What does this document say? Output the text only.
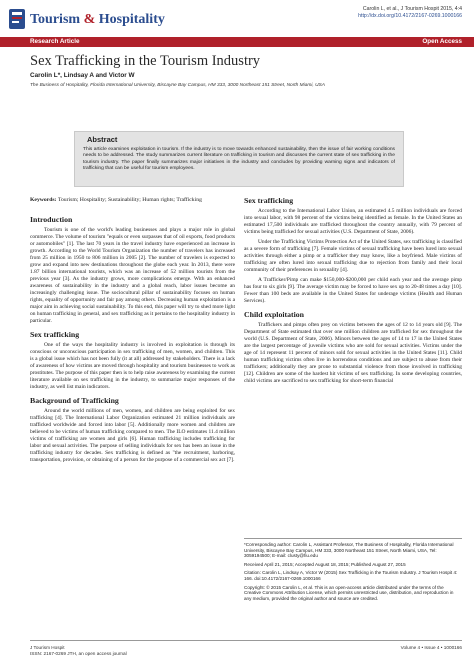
Tourism & Hospitality
Carolin L, et al., J Tourism Hospit 2015, 4:4
http://dx.doi.org/10.4172/2167-0269.1000166
Research Article	Open Access
Sex Trafficking in the Tourism Industry
Carolin L*, Lindsay A and Victor W
The Business of Hospitality, Florida International University, Biscayne Bay Campus, HM 333, 3000 Northeast 151 Street, North Miami, USA
Abstract
This article examines exploitation in tourism. If the industry is to move towards enhanced sustainability, then the issue of fair working conditions needs to be addressed. The study summarizes current literature on trafficking in tourism and discusses the current state of sex trafficking in the tourism industry. The paper finally summarizes major initiatives in the industry and concludes by providing warning signs and indicators of trafficking that can be useful for tourism employees.
Keywords: Tourism; Hospitality; Sustainability; Human rights; Trafficking
Introduction

Tourism is one of the world's leading businesses and plays a major role in global commerce. The volume of tourism "equals or even surpasses that of oil exports, food products or automobiles" [1]. The last 70 years in the travel industry have experienced an increase in growth. According to the World Tourism Organization the number of travelers has increased from 25 million in 1950 to 806 million in 2005 [2]. The number of travelers is expected to grow and expand into new destinations throughout the globe each year. In 2013, there were 1.87 billion international tourists, which was an increase of 52 million tourists from the previous year [3]. As the industry grows, more complications emerge. With an enhanced awareness of sustainability in the industry and a global reach, labor issues become an increasingly challenging issue. The sociocultural pillar of sustainability focuses on human rights, equality of opportunity and fair pay among others. Decreasing human exploitation is a major aim in achieving social sustainability. To this end, this paper will try to shed more light on human trafficking in general, and sex trafficking as it pertains to the hospitality industry in particular.

Sex trafficking

One of the ways the hospitality industry is involved in exploitation is through its conscious or unconscious participation in sex trafficking of men, women, and children. This is a global issue which has not been fully (it at all) addressed by stakeholders. There is a lack of awareness of how victims are moved through hospitality and tourism businesses to work as prostitutes. The purpose of this paper then is to help raise awareness by examining the current literature available on sex trafficking in the industry, to summarize major responses of the industry, as well list main indicators.

Background of Trafficking

Around the world millions of men, women, and children are being exploited for sex trafficking [4]. The International Labor Organization estimated 21 million individuals are trafficked worldwide and forced into labor [5]. Additionally more women and children are believed to be victims of human trafficking compared to men. The ILO estimates 11.4 million victims of trafficking are women and girls [6]. Human trafficking includes trafficking for labor and sexual activities. The purpose of selling individuals for sex has been an issue in the trafficking industry for decades. Sex trafficking is defined as "the recruitment, harboring, transportation, provision, or obtaining of a person for the purpose of a commercial sex act [7].

Sex trafficking

According to the International Labor Union, an estimated 4.5 million individuals are forced into sexual labor, with 98 percent of the victims being identified as female. In the United States an estimated 17,500 individuals are trafficked throughout the country annually, with 79 percent of victims being trafficked for sexual activities (U.S. Department of State, 2006).

Under the Trafficking Victims Protection Act of the United States, sex trafficking is classified as a severe form of trafficking [7]. Female victims of sexual trafficking have been lured into sexual activities through either a pimp or a trafficker they may know, like a boyfriend. Male victims of trafficking are often lured into sexual trafficking due to rejection from family and their local community of their preferences in sexuality [4].

A Trafficker/Pimp can make $150,000-$200,000 per child each year and the average pimp has four to six girls [9]. The average victim may be forced to have sex up to 20-48 times a day [10]. Fewer than 100 beds are available in the United States for underage victims (Health and Human Services).

Child exploitation

Traffickers and pimps often prey on victims between the ages of 12 to 14 years old [9]. The Department of State estimated that over one million children are trafficked for sex throughout the world (U.S. Department of State, 2006). Minors between the ages of 14 to 17 in the United States are the largest percentage of juvenile victims who are sold for sexual activities. Victims under the age of 14 represent 11 percent of minors sold for sexual activities in the United States [11]. Child human trafficking victims often live in horrendous conditions and are subject to abuse from their traffickers; additionally they are prone to substantial violence from those involved in trafficking [12]. Children are some of the hardest hit victims of sex trafficking. In some developing countries, child victims are sacrificed to sex trafficking for short-term financial

*Corresponding author: Carolin L, Assistant Professor, The Business of Hospitality, Florida International University, Biscayne Bay Campus, HM 333, 3000 Northeast 151 Street, North Miami, USA, Tel: 3059194500; E-mail: clusty@fiu.edu

Received April 21, 2015; Accepted August 18, 2015; Published August 27, 2015

Citation: Carolin L, Lindsay A, Victor W (2015) Sex Trafficking in the Tourism Industry. J Tourism Hospit 4: 166. doi:10.4172/2167-0269.1000166

Copyright: © 2015 Carolin L, et al. This is an open-access article distributed under the terms of the Creative Commons Attribution License, which permits unrestricted use, distribution, and reproduction in any medium, provided the original author and source are credited.

J Tourism Hospit
ISSN: 2167-0269 JTH, an open access journal
Volume 4 • Issue 4 • 1000166
